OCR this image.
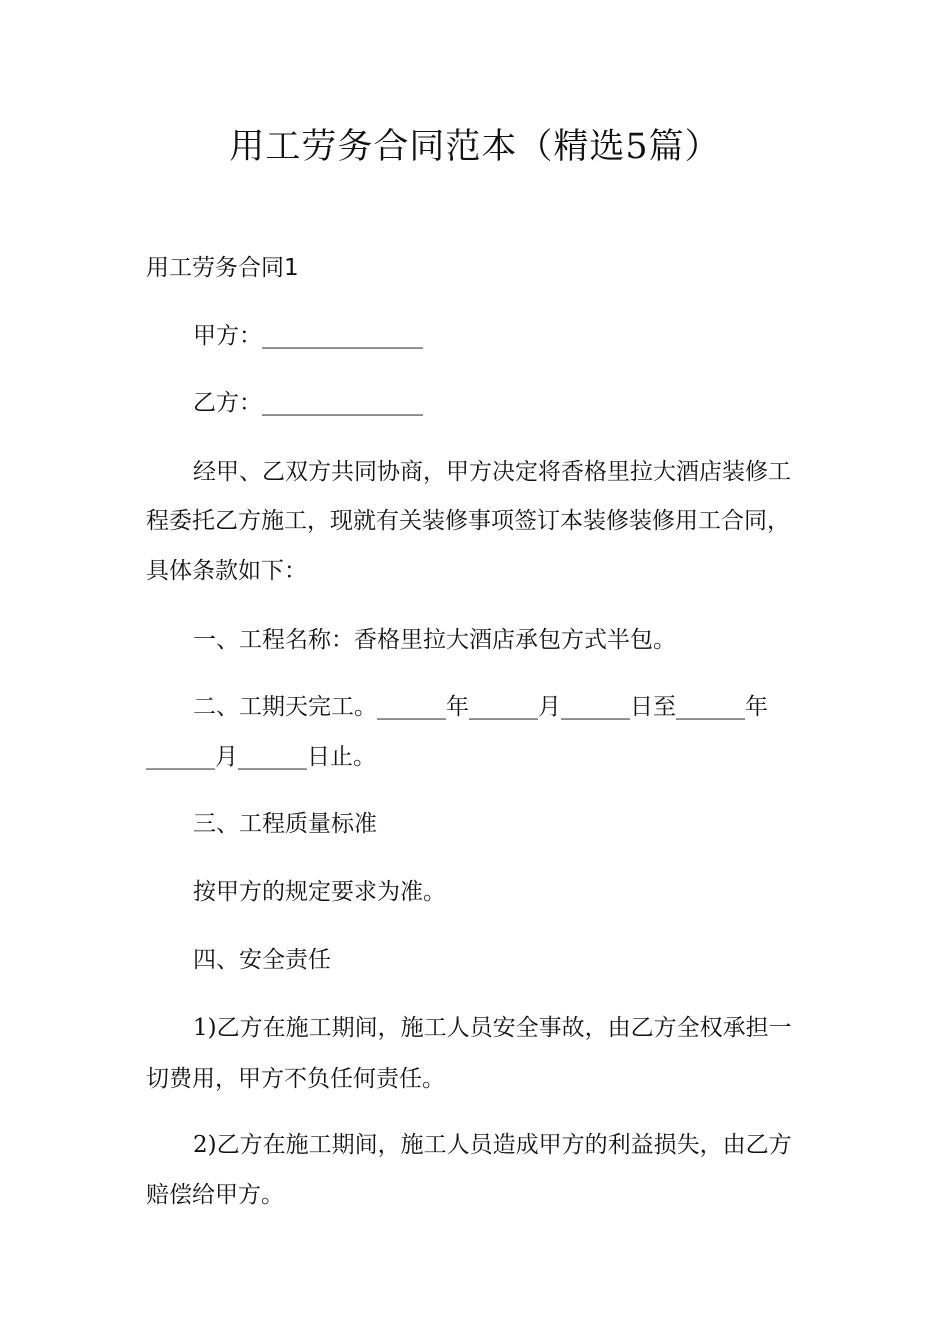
用工劳务合同范本（精选5篇）
用工劳务合同1
甲方：______________
乙方：______________
经甲、乙双方共同协商，甲方决定将香格里拉大酒店装修工
程委托乙方施工，现就有关装修事项签订本装修装修用工合同，
具体条款如下：
一、工程名称：香格里拉大酒店承包方式半包。
二、工期天完工。______年______月______日至______年
______月______日止。
三、工程质量标准
按甲方的规定要求为准。
四、安全责任
1)乙方在施工期间，施工人员安全事故，由乙方全权承担一
切费用，甲方不负任何责任。
2)乙方在施工期间，施工人员造成甲方的利益损失，由乙方
赔偿给甲方。
